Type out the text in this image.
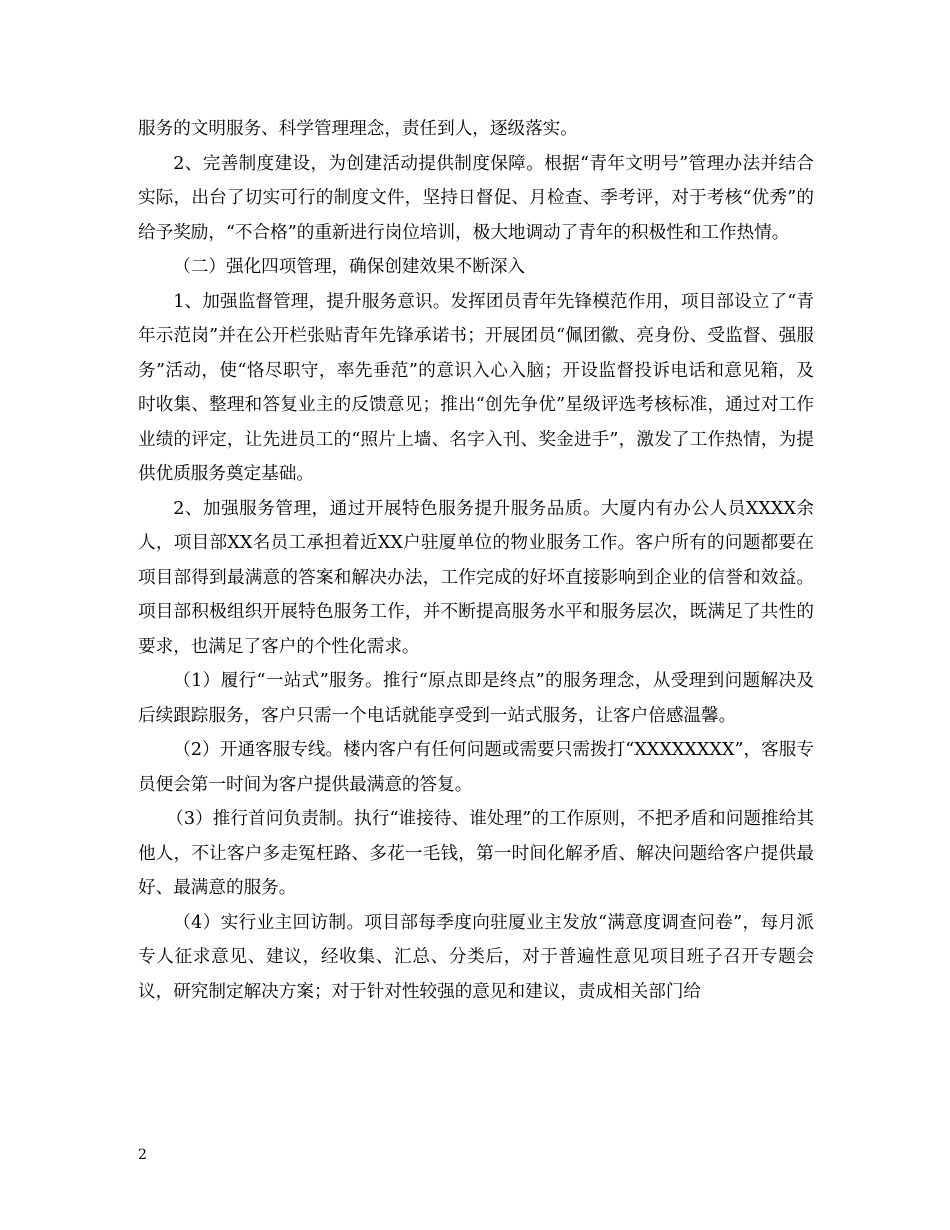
服务的文明服务、科学管理理念，责任到人，逐级落实。

2、完善制度建设，为创建活动提供制度保障。根据“青年文明号”管理办法并结合实际，出台了切实可行的制度文件，坚持日督促、月检查、季考评，对于考核“优秀”的给予奖励，“不合格”的重新进行岗位培训，极大地调动了青年的积极性和工作热情。

（二）强化四项管理，确保创建效果不断深入

1、加强监督管理，提升服务意识。发挥团员青年先锋模范作用，项目部设立了“青年示范岗”并在公开栏张贴青年先锋承诺书；开展团员“佩团徽、亮身份、受监督、强服务”活动，使“恪尽职守，率先垂范”的意识入心入脑；开设监督投诉电话和意见箱，及时收集、整理和答复业主的反馈意见；推出“创先争优”星级评选考核标准，通过对工作业绩的评定，让先进员工的“照片上墙、名字入刊、奖金进手”，激发了工作热情，为提供优质服务奠定基础。

2、加强服务管理，通过开展特色服务提升服务品质。大厦内有办公人员XXXX余人，项目部XX名员工承担着近XX户驻厦单位的物业服务工作。客户所有的问题都要在项目部得到最满意的答案和解决办法，工作完成的好坏直接影响到企业的信誉和效益。项目部积极组织开展特色服务工作，并不断提高服务水平和服务层次，既满足了共性的要求，也满足了客户的个性化需求。

（1）履行“一站式”服务。推行“原点即是终点”的服务理念，从受理到问题解决及后续跟踪服务，客户只需一个电话就能享受到一站式服务，让客户倍感温馨。

（2）开通客服专线。楼内客户有任何问题或需要只需拨打“XXXXXXXX”，客服专员便会第一时间为客户提供最满意的答复。

（3）推行首问负责制。执行“谁接待、谁处理”的工作原则，不把矛盾和问题推给其他人，不让客户多走冤枉路、多花一毛钱，第一时间化解矛盾、解决问题给客户提供最好、最满意的服务。

（4）实行业主回访制。项目部每季度向驻厦业主发放“满意度调查问卷”，每月派专人征求意见、建议，经收集、汇总、分类后，对于普遍性意见项目班子召开专题会议，研究制定解决方案；对于针对性较强的意见和建议，责成相关部门给

2
